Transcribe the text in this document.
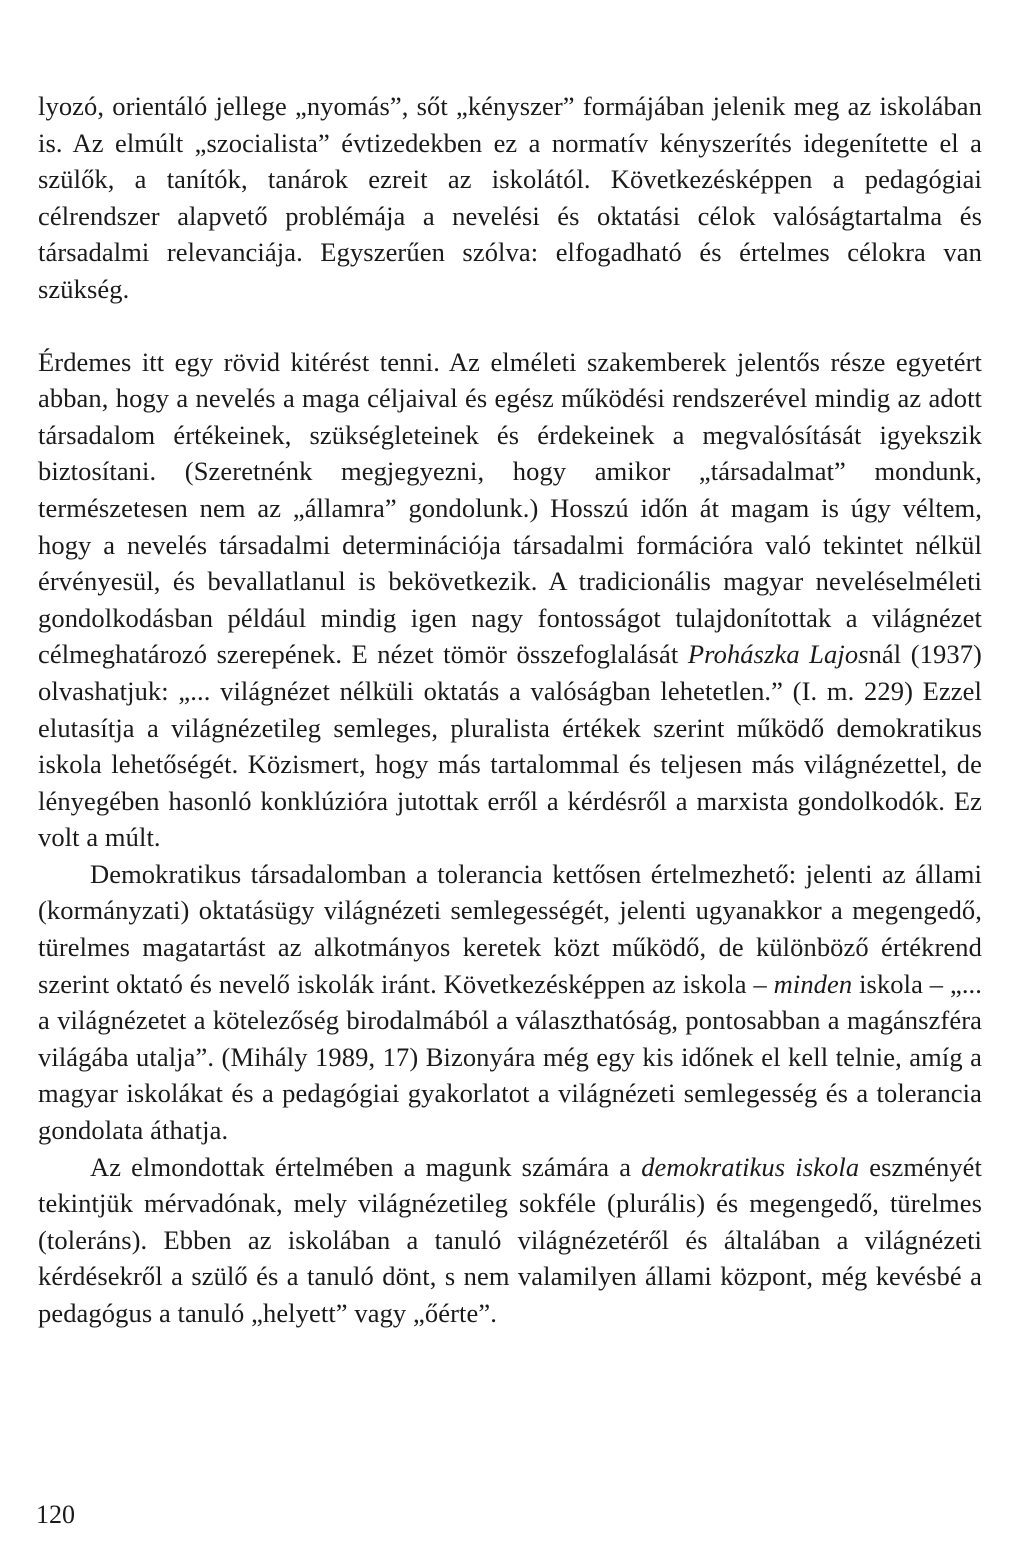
lyozó, orientáló jellege „nyomás”, sőt „kényszer” formájában jelenik meg az iskolában is. Az elmúlt „szocialista” évtizedekben ez a normatív kényszerítés idegenítette el a szülők, a tanítók, tanárok ezreit az iskolától. Következésképpen a pedagógiai célrendszer alapvető problémája a nevelési és oktatási célok valóságtartalma és társadalmi relevanciája. Egyszerűen szólva: elfogadható és értelmes célokra van szükség.

Érdemes itt egy rövid kitérést tenni. Az elméleti szakemberek jelentős része egyetért abban, hogy a nevelés a maga céljaival és egész működési rendszerével mindig az adott társadalom értékeinek, szükségleteinek és érdekeinek a megvalósítását igyekszik biztosítani. (Szeretnénk megjegyezni, hogy amikor „társadalmat” mondunk, természetesen nem az „államra” gondolunk.) Hosszú időn át magam is úgy véltem, hogy a nevelés társadalmi determinációja társadalmi formációra való tekintet nélkül érvényesül, és bevallatlanul is bekövetkezik. A tradicionális magyar neveléselméleti gondolkodásban például mindig igen nagy fontosságot tulajdonítottak a világnézet célmeghatározó szerepének. E nézet tömör összefoglalását Prohászka Lajosnál (1937) olvashatjuk: „... világnézet nélküli oktatás a valóságban lehetetlen.” (I. m. 229) Ezzel elutasítja a világnézetileg semleges, pluralista értékek szerint működő demokratikus iskola lehetőségét. Közismert, hogy más tartalommal és teljesen más világnézettel, de lényegében hasonló konklúzióra jutottak erről a kérdésről a marxista gondolkodók. Ez volt a múlt.

Demokratikus társadalomban a tolerancia kettősen értelmezhető: jelenti az állami (kormányzati) oktatásügy világnézeti semlegességét, jelenti ugyanakkor a megengedő, türelmes magatartást az alkotmányos keretek közt működő, de különböző értékrend szerint oktató és nevelő iskolák iránt. Következésképpen az iskola – minden iskola – „... a világnézetet a kötelezőség birodalmából a választhatóság, pontosabban a magánszféra világába utalja”. (Mihály 1989, 17) Bizonyára még egy kis időnek el kell telnie, amíg a magyar iskolákat és a pedagógiai gyakorlatot a világnézeti semlegesség és a tolerancia gondolata áthatja.

Az elmondottak értelmében a magunk számára a demokratikus iskola eszményét tekintjük mérvadónak, mely világnézetileg sokféle (plurális) és megengedő, türelmes (toleráns). Ebben az iskolában a tanuló világnézetéről és általában a világnézeti kérdésekről a szülő és a tanuló dönt, s nem valamilyen állami központ, még kevésbé a pedagógus a tanuló „helyett” vagy „őérte”.

120
